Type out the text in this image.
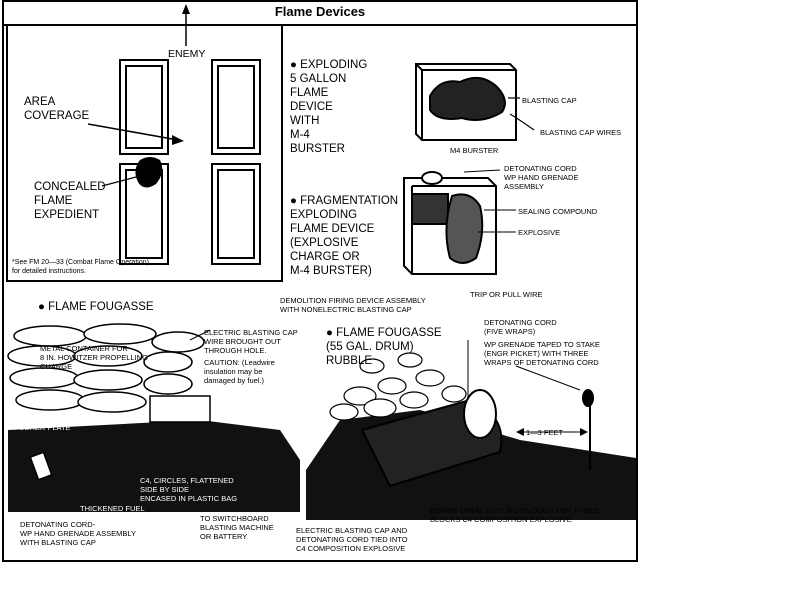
Flame Devices
ENEMY
AREA
COVERAGE
CONCEALED
FLAME
EXPEDIENT
*See FM 20—33 (Combat Flame Operation)
for detailed instructions.
● EXPLODING
5 GALLON
FLAME
DEVICE
WITH
M-4
BURSTER
BLASTING CAP
BLASTING CAP WIRES
M4 BURSTER
● FRAGMENTATION
EXPLODING
FLAME DEVICE
(EXPLOSIVE
CHARGE OR
M-4 BURSTER)
DETONATING CORD
WP HAND GRENADE
ASSEMBLY
SEALING COMPOUND
EXPLOSIVE
TRIP OR PULL WIRE
DEMOLITION FIRING DEVICE ASSEMBLY
WITH NONELECTRIC BLASTING CAP
● FLAME FOUGASSE
METAL CONTAINER FOR
8 IN. HOWITZER PROPELLING
CHARGE
ELECTRIC BLASTING CAP
WIRE BROUGHT OUT
THROUGH HOLE.
CAUTION: (Leadwire
insulation may be
damaged by fuel.)
PISTON OR
PUSHER PLATE
THICKENED FUEL
C4, CIRCLES, FLATTENED
SIDE BY SIDE
ENCASED IN PLASTIC BAG
TO SWITCHBOARD
BLASTING MACHINE
OR BATTERY
DETONATING CORD-
WP HAND GRENADE ASSEMBLY
WITH BLASTING CAP
● FLAME FOUGASSE
(55 GAL. DRUM)
RUBBLE
DETONATING CORD
(FIVE WRAPS)
WP GRENADE TAPED TO STAKE
(ENGR PICKET) WITH THREE
WRAPS OF DETONATING CORD
1—3 FEET
BEHIND DRUM JUST BIG ENOUGH FOR THREE
BLOCKS C4 COMPOSITION EXPLOSIVE
ELECTRIC BLASTING CAP AND
DETONATING CORD TIED INTO
C4 COMPOSITION EXPLOSIVE
